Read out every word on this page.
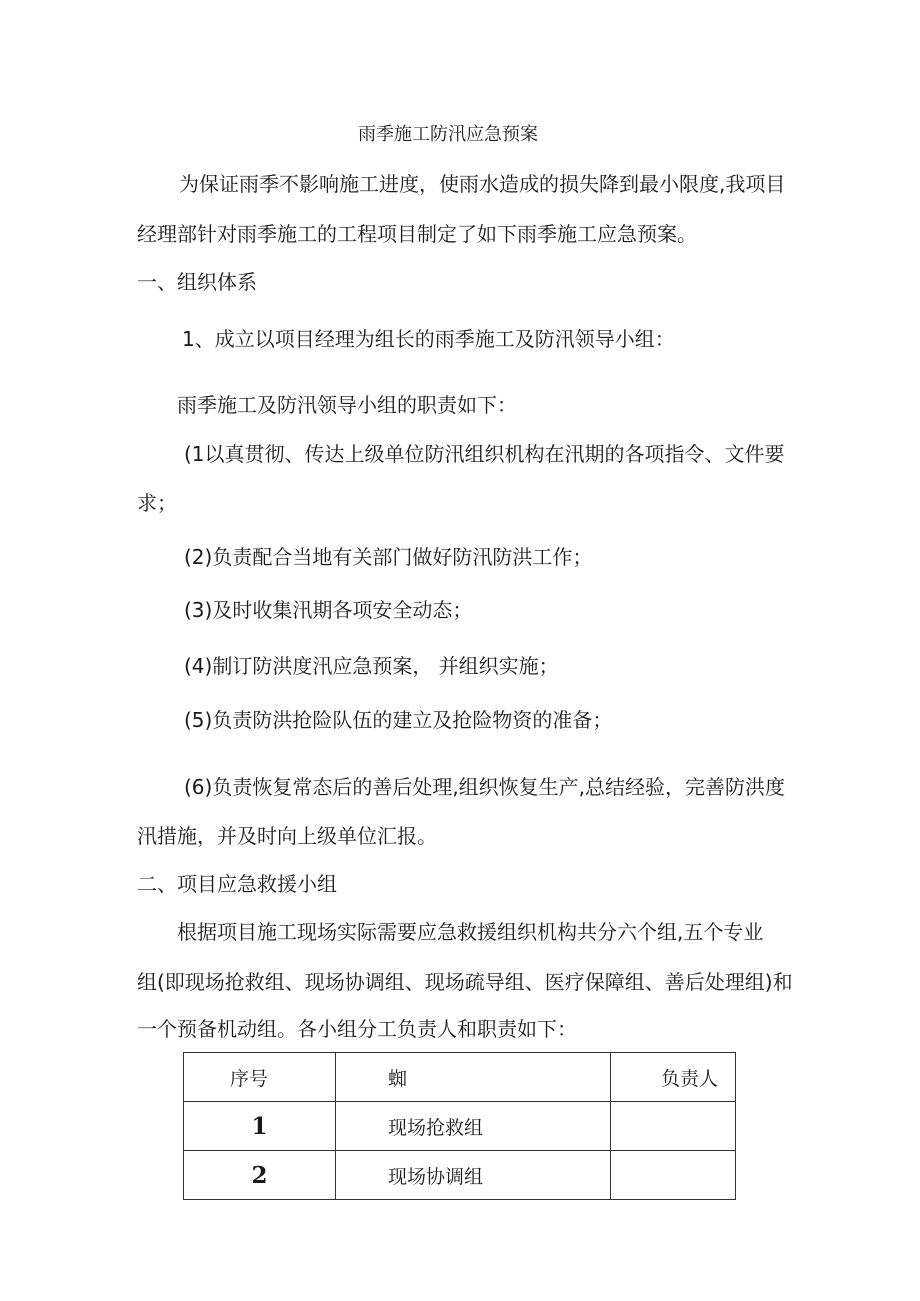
雨季施工防汛应急预案
为保证雨季不影响施工进度，使雨水造成的损失降到最小限度,我项目
经理部针对雨季施工的工程项目制定了如下雨季施工应急预案。
一、组织体系
1、成立以项目经理为组长的雨季施工及防汛领导小组：
雨季施工及防汛领导小组的职责如下：
(1以真贯彻、传达上级单位防汛组织机构在汛期的各项指令、文件要
求；
(2)负责配合当地有关部门做好防汛防洪工作；
(3)及时收集汛期各项安全动态；
(4)制订防洪度汛应急预案， 并组织实施；
(5)负责防洪抢险队伍的建立及抢险物资的准备；
(6)负责恢复常态后的善后处理,组织恢复生产,总结经验，完善防洪度
汛措施，并及时向上级单位汇报。
二、项目应急救援小组
根据项目施工现场实际需要应急救援组织机构共分六个组,五个专业
组(即现场抢救组、现场协调组、现场疏导组、医疗保障组、善后处理组)和
一个预备机动组。各小组分工负责人和职责如下：
序号	蜘	负责人
1	现场抢救组	
2	现场协调组	
